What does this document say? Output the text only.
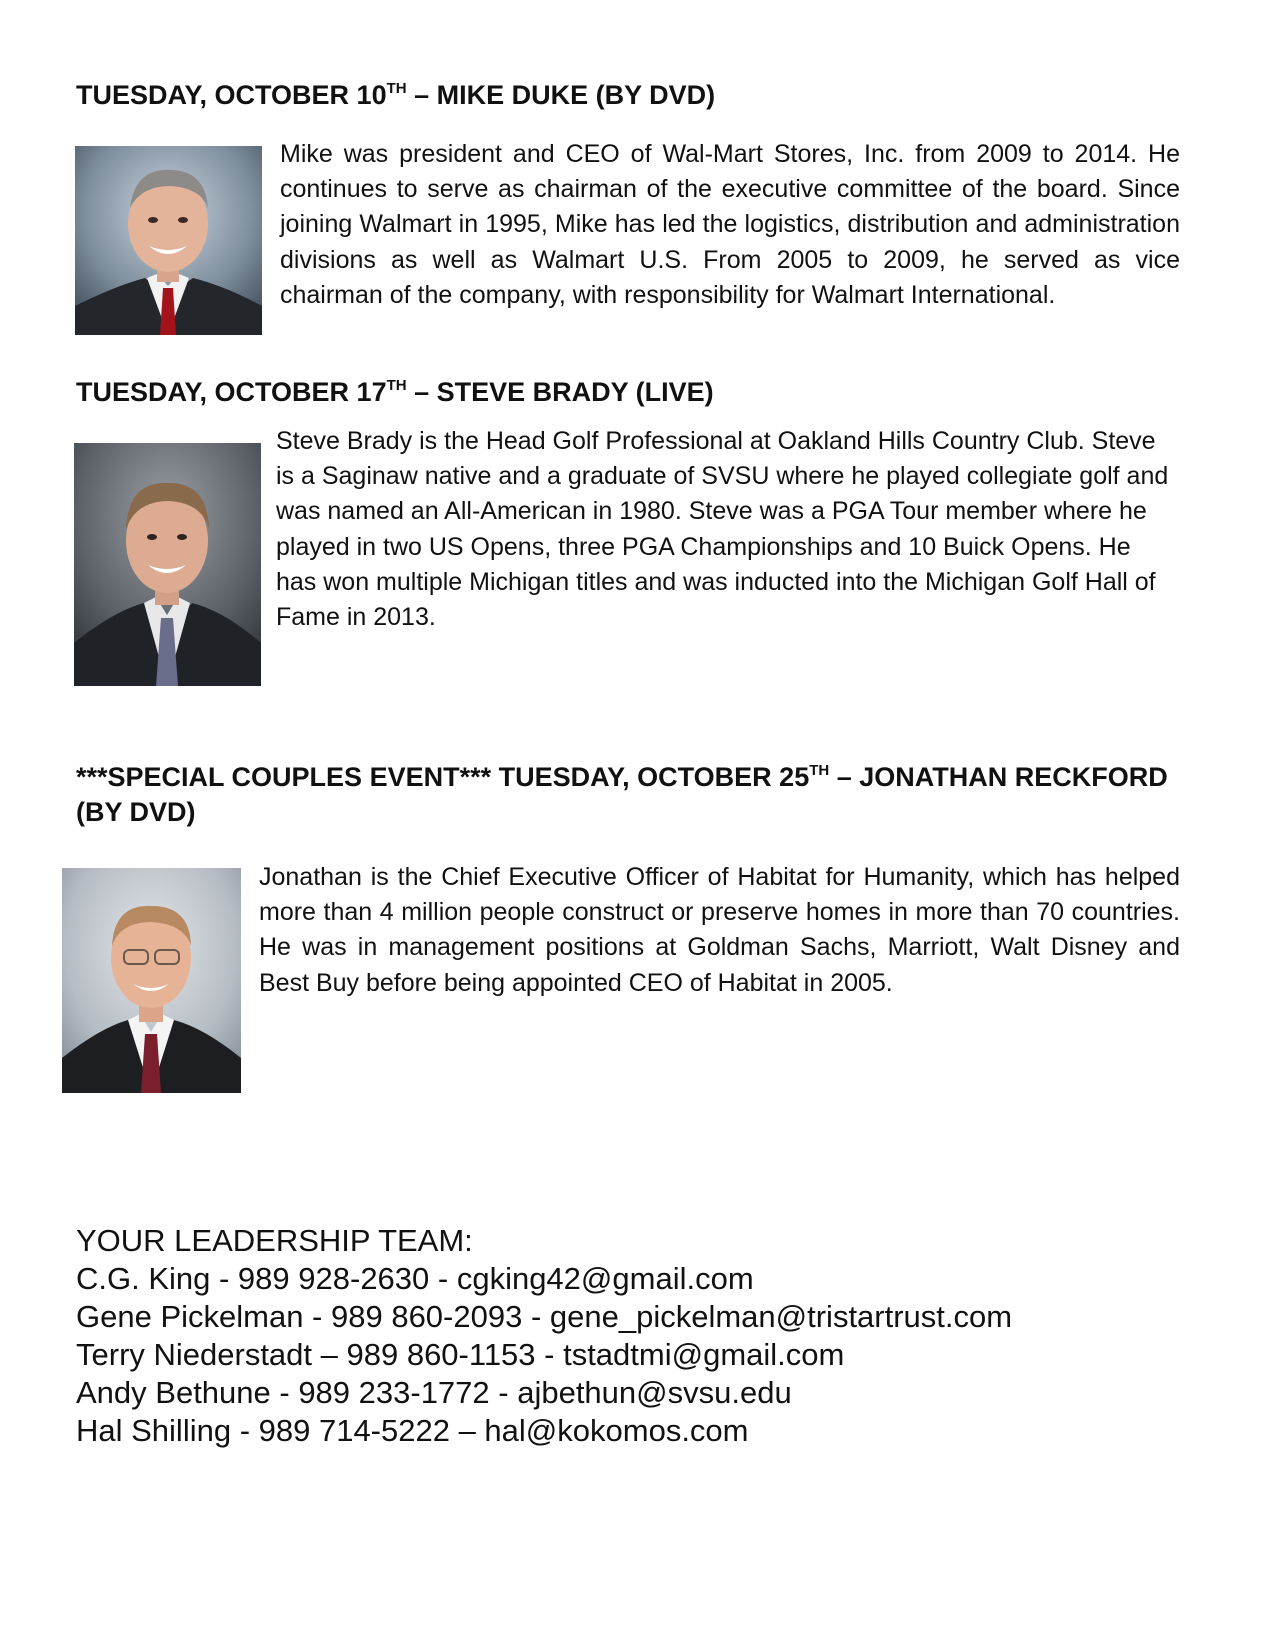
TUESDAY, OCTOBER 10TH – MIKE DUKE (BY DVD)

Mike was president and CEO of Wal-Mart Stores, Inc. from 2009 to 2014. He continues to serve as chairman of the executive committee of the board. Since joining Walmart in 1995, Mike has led the logistics, distribution and administration divisions as well as Walmart U.S. From 2005 to 2009, he served as vice chairman of the company, with responsibility for Walmart International.

TUESDAY, OCTOBER 17TH – STEVE BRADY (LIVE)

Steve Brady is the Head Golf Professional at Oakland Hills Country Club. Steve is a Saginaw native and a graduate of SVSU where he played collegiate golf and was named an All-American in 1980. Steve was a PGA Tour member where he played in two US Opens, three PGA Championships and 10 Buick Opens. He has won multiple Michigan titles and was inducted into the Michigan Golf Hall of Fame in 2013.

***SPECIAL COUPLES EVENT*** TUESDAY, OCTOBER 25TH – JONATHAN RECKFORD (BY DVD)

Jonathan is the Chief Executive Officer of Habitat for Humanity, which has helped more than 4 million people construct or preserve homes in more than 70 countries. He was in management positions at Goldman Sachs, Marriott, Walt Disney and Best Buy before being appointed CEO of Habitat in 2005.

YOUR LEADERSHIP TEAM:
C.G. King - 989 928-2630 - cgking42@gmail.com
Gene Pickelman - 989 860-2093 - gene_pickelman@tristartrust.com
Terry Niederstadt – 989 860-1153 - tstadtmi@gmail.com
Andy Bethune - 989 233-1772 - ajbethun@svsu.edu
Hal Shilling - 989 714-5222 – hal@kokomos.com
